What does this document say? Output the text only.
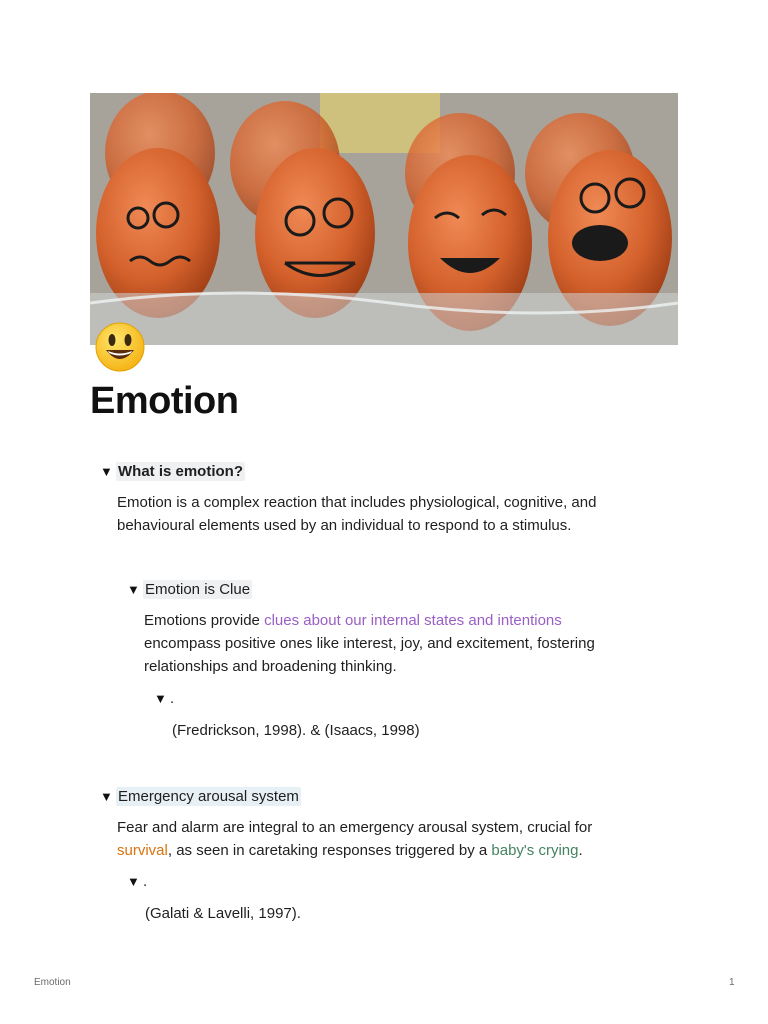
Emotion
▼ What is emotion?

Emotion is a complex reaction that includes physiological, cognitive, and
behavioural elements used by an individual to respond to a stimulus.

▼ Emotion is Clue

Emotions provide clues about our internal states and intentions
encompass positive ones like interest, joy, and excitement, fostering
relationships and broadening thinking.

▼ .

(Fredrickson, 1998). & (Isaacs, 1998)

▼ Emergency arousal system

Fear and alarm are integral to an emergency arousal system, crucial for
survival, as seen in caretaking responses triggered by a baby's crying.

▼ .

(Galati & Lavelli, 1997).

Emotion	1
